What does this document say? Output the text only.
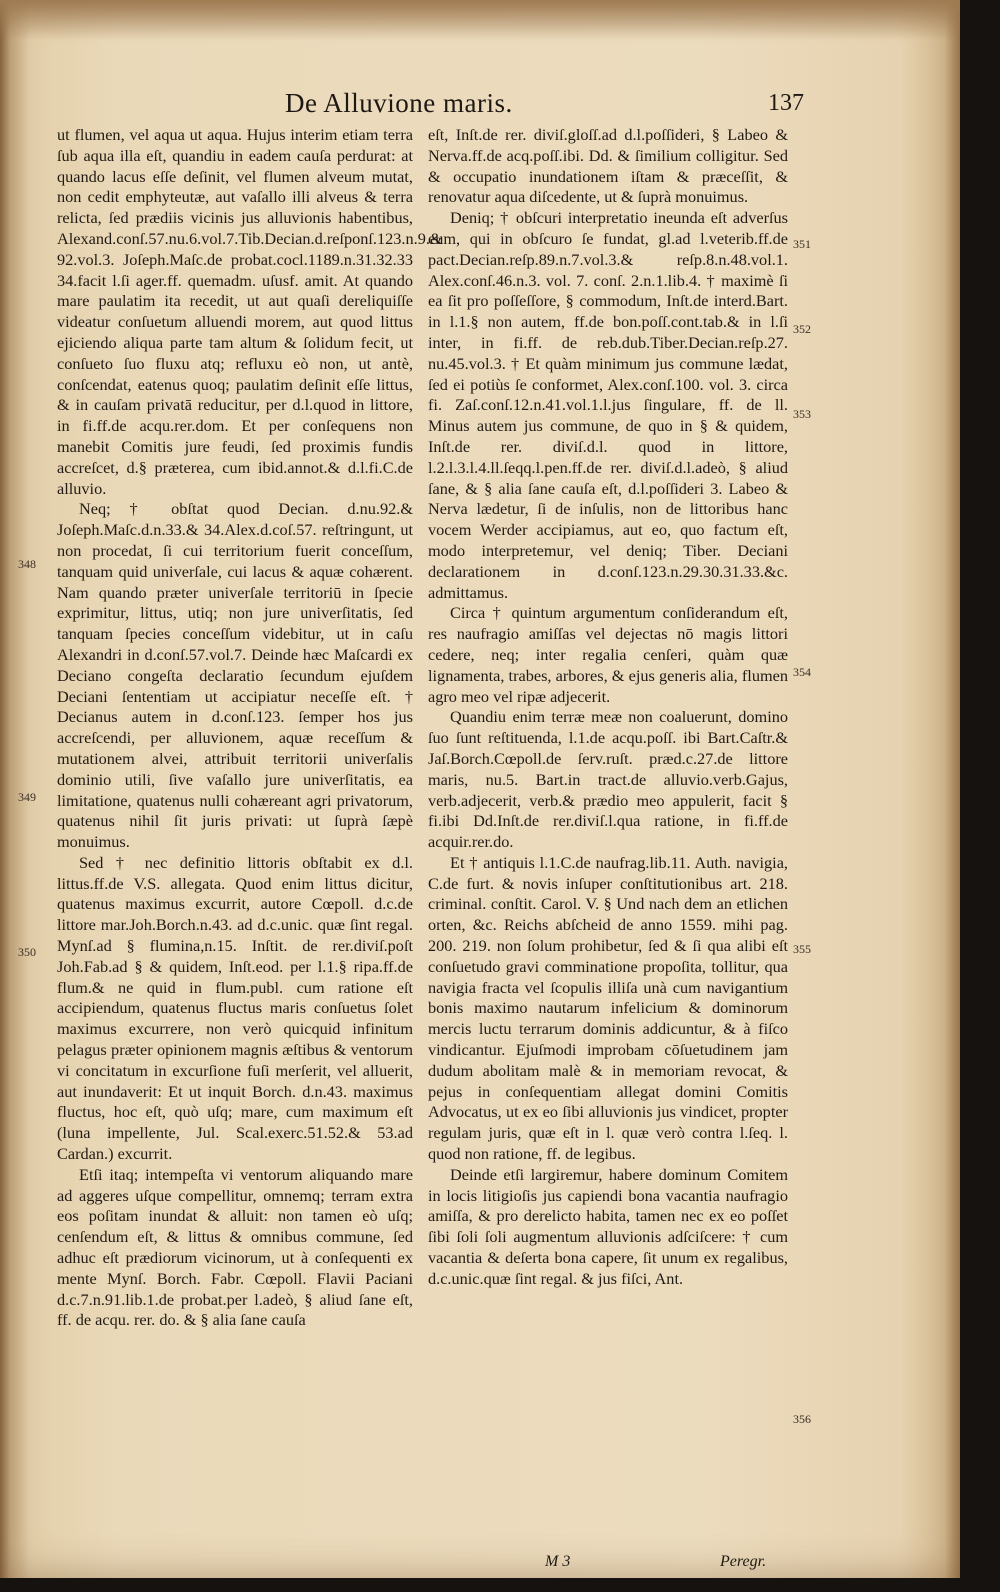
De Alluvione maris.	137

ut flumen, vel aqua ut aqua. Hujus interim etiam terra ſub aqua illa eſt, quandiu in eadem cauſa perdurat: at quando lacus eſſe deſinit, vel flumen alveum mutat, non cedit emphyteutæ, aut vaſallo illi alveus & terra relicta, ſed prædiis vicinis jus alluvionis habentibus, Alexand.conſ.57.nu.6.vol.7.Tib.Decian.d.reſponſ.123.n.9.& 92.vol.3. Joſeph.Maſc.de probat.cocl.1189.n.31.32.33 34.facit l.ſi ager.ff. quemadm. uſusf. amit. At quando mare paulatim ita recedit, ut aut quaſi dereliquiſſe videatur conſuetum alluendi morem, aut quod littus ejiciendo aliqua parte tam altum & ſolidum fecit, ut conſueto ſuo fluxu atq; refluxu eò non, ut antè, conſcendat, eatenus quoq; paulatim deſinit eſſe littus, & in cauſam privatā reducitur, per d.l.quod in littore, in fi.ff.de acqu.rer.dom. Et per conſequens non manebit Comitis jure feudi, ſed proximis fundis accreſcet, d.§ præterea, cum ibid.annot.& d.l.fi.C.de alluvio.

Neq; † obſtat quod Decian. d.nu.92.& Joſeph.Maſc.d.n.33.& 34.Alex.d.coſ.57. reſtringunt, ut non procedat, ſi cui territorium fuerit conceſſum, tanquam quid univerſale, cui lacus & aquæ cohærent. Nam quando præter univerſale territoriū in ſpecie exprimitur, littus, utiq; non jure univerſitatis, ſed tanquam ſpecies conceſſum videbitur, ut in caſu Alexandri in d.conſ.57.vol.7. Deinde hæc Maſcardi ex Deciano congeſta declaratio ſecundum ejuſdem Deciani ſententiam ut accipiatur neceſſe eſt. † Decianus autem in d.conſ.123. ſemper hos jus accreſcendi, per alluvionem, aquæ receſſum & mutationem alvei, attribuit territorii univerſalis dominio utili, ſive vaſallo jure univerſitatis, ea limitatione, quatenus nulli cohæreant agri privatorum, quatenus nihil ſit juris privati: ut ſuprà ſæpè monuimus.

Sed † nec definitio littoris obſtabit ex d.l. littus.ff.de V.S. allegata. Quod enim littus dicitur, quatenus maximus excurrit, autore Cœpoll. d.c.de littore mar.Joh.Borch.n.43. ad d.c.unic. quæ ſint regal. Mynſ.ad § flumina,n.15. Inſtit. de rer.diviſ.poſt Joh.Fab.ad § & quidem, Inſt.eod. per l.1.§ ripa.ff.de flum.& ne quid in flum.publ. cum ratione eſt accipiendum, quatenus fluctus maris conſuetus ſolet maximus excurrere, non verò quicquid infinitum pelagus præter opinionem magnis æſtibus & ventorum vi concitatum in excurſione fuſi merſerit, vel alluerit, aut inundaverit: Et ut inquit Borch. d.n.43. maximus fluctus, hoc eſt, quò uſq; mare, cum maximum eſt (luna impellente, Jul. Scal.exerc.51.52.& 53.ad Cardan.) excurrit.

Etſi itaq; intempeſta vi ventorum aliquando mare ad aggeres uſque compellitur, omnemq; terram extra eos poſitam inundat & alluit: non tamen eò uſq; cenſendum eſt, & littus & omnibus commune, ſed adhuc eſt prædiorum vicinorum, ut à conſequenti ex mente Mynſ. Borch. Fabr. Cœpoll. Flavii Paciani d.c.7.n.91.lib.1.de probat.per l.adeò, § aliud ſane eſt, ff. de acqu. rer. do. & § alia ſane cauſa

348
349
350

eſt, Inſt.de rer. diviſ.gloſſ.ad d.l.poſſideri, § Labeo & Nerva.ff.de acq.poſſ.ibi. Dd. & ſimilium colligitur. Sed & occupatio inundationem iſtam & præceſſit, & renovatur aqua diſcedente, ut & ſuprà monuimus.

Deniq; † obſcuri interpretatio ineunda eſt adverſus eum, qui in obſcuro ſe fundat, gl.ad l.veterib.ff.de pact.Decian.reſp.89.n.7.vol.3.& reſp.8.n.48.vol.1. Alex.conſ.46.n.3. vol. 7. conſ. 2.n.1.lib.4. † maximè ſi ea ſit pro poſſeſſore, § commodum, Inſt.de interd.Bart. in l.1.§ non autem, ff.de bon.poſſ.cont.tab.& in l.ſi inter, in fi.ff. de reb.dub.Tiber.Decian.reſp.27. nu.45.vol.3. † Et quàm minimum jus commune lædat, ſed ei potiùs ſe conformet, Alex.conſ.100. vol. 3. circa fi. Zaſ.conſ.12.n.41.vol.1.l.jus ſingulare, ff. de ll. Minus autem jus commune, de quo in § & quidem, Inſt.de rer. diviſ.d.l. quod in littore, l.2.l.3.l.4.ll.ſeqq.l.pen.ff.de rer. diviſ.d.l.adeò, § aliud ſane, & § alia ſane cauſa eſt, d.l.poſſideri 3. Labeo & Nerva lædetur, ſi de inſulis, non de littoribus hanc vocem Werder accipiamus, aut eo, quo factum eſt, modo interpretemur, vel deniq; Tiber. Deciani declarationem in d.conſ.123.n.29.30.31.33.&c. admittamus.

Circa † quintum argumentum conſiderandum eſt, res naufragio amiſſas vel dejectas nō magis littori cedere, neq; inter regalia cenſeri, quàm quæ lignamenta, trabes, arbores, & ejus generis alia, flumen agro meo vel ripæ adjecerit.

Quandiu enim terræ meæ non coaluerunt, domino ſuo ſunt reſtituenda, l.1.de acqu.poſſ. ibi Bart.Caſtr.& Jaſ.Borch.Cœpoll.de ſerv.ruſt. præd.c.27.de littore maris, nu.5. Bart.in tract.de alluvio.verb.Gajus, verb.adjecerit, verb.& prædio meo appulerit, facit § fi.ibi Dd.Inſt.de rer.diviſ.l.qua ratione, in fi.ff.de acquir.rer.do.

Et † antiquis l.1.C.de naufrag.lib.11. Auth. navigia, C.de furt. & novis inſuper conſtitutionibus art. 218. criminal. conſtit. Carol. V. § Und nach dem an etlichen orten, &c. Reichs abſcheid de anno 1559. mihi pag. 200. 219. non ſolum prohibetur, ſed & ſi qua alibi eſt conſuetudo gravi comminatione propoſita, tollitur, qua navigia fracta vel ſcopulis illiſa unà cum navigantium bonis maximo nautarum infelicium & dominorum mercis luctu terrarum dominis addicuntur, & à fiſco vindicantur. Ejuſmodi improbam cōſuetudinem jam dudum abolitam malè & in memoriam revocat, & pejus in conſequentiam allegat domini Comitis Advocatus, ut ex eo ſibi alluvionis jus vindicet, propter regulam juris, quæ eſt in l. quæ verò contra l.ſeq. l. quod non ratione, ff. de legibus.

Deinde etſi largiremur, habere dominum Comitem in locis litigioſis jus capiendi bona vacantia naufragio amiſſa, & pro derelicto habita, tamen nec ex eo poſſet ſibi ſoli ſoli augmentum alluvionis adſciſcere: † cum vacantia & deſerta bona capere, ſit unum ex regalibus, d.c.unic.quæ ſint regal. & jus fiſci, Ant.

351
352
353
354
355
356
M 3	Peregr.
